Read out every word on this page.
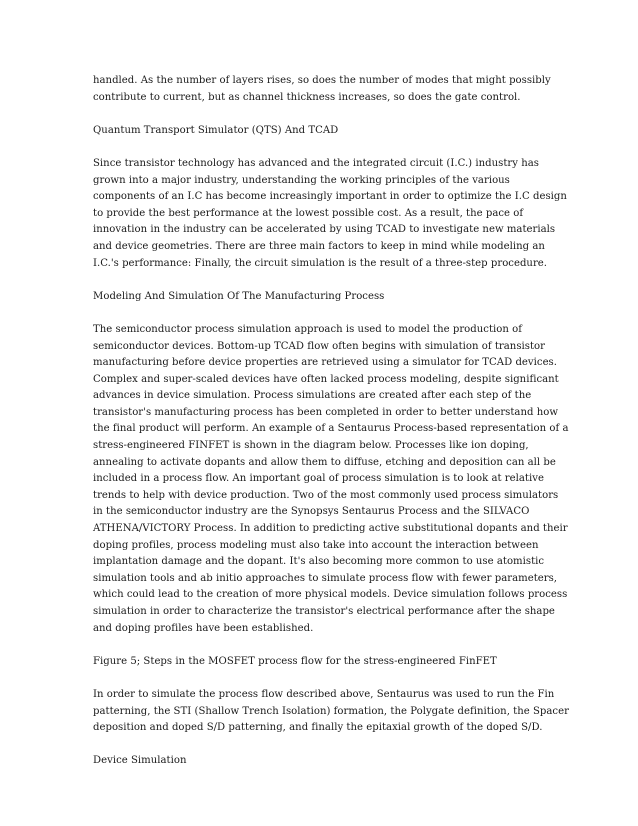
handled. As the number of layers rises, so does the number of modes that might possibly
contribute to current, but as channel thickness increases, so does the gate control.

Quantum Transport Simulator (QTS) And TCAD

Since transistor technology has advanced and the integrated circuit (I.C.) industry has
grown into a major industry, understanding the working principles of the various
components of an I.C has become increasingly important in order to optimize the I.C design
to provide the best performance at the lowest possible cost. As a result, the pace of
innovation in the industry can be accelerated by using TCAD to investigate new materials
and device geometries. There are three main factors to keep in mind while modeling an
I.C.'s performance: Finally, the circuit simulation is the result of a three-step procedure.

Modeling And Simulation Of The Manufacturing Process

The semiconductor process simulation approach is used to model the production of
semiconductor devices. Bottom-up TCAD flow often begins with simulation of transistor
manufacturing before device properties are retrieved using a simulator for TCAD devices.
Complex and super-scaled devices have often lacked process modeling, despite significant
advances in device simulation. Process simulations are created after each step of the
transistor's manufacturing process has been completed in order to better understand how
the final product will perform. An example of a Sentaurus Process-based representation of a
stress-engineered FINFET is shown in the diagram below. Processes like ion doping,
annealing to activate dopants and allow them to diffuse, etching and deposition can all be
included in a process flow. An important goal of process simulation is to look at relative
trends to help with device production. Two of the most commonly used process simulators
in the semiconductor industry are the Synopsys Sentaurus Process and the SILVACO
ATHENA/VICTORY Process. In addition to predicting active substitutional dopants and their
doping profiles, process modeling must also take into account the interaction between
implantation damage and the dopant. It's also becoming more common to use atomistic
simulation tools and ab initio approaches to simulate process flow with fewer parameters,
which could lead to the creation of more physical models. Device simulation follows process
simulation in order to characterize the transistor's electrical performance after the shape
and doping profiles have been established.

Figure 5; Steps in the MOSFET process flow for the stress-engineered FinFET

In order to simulate the process flow described above, Sentaurus was used to run the Fin
patterning, the STI (Shallow Trench Isolation) formation, the Polygate definition, the Spacer
deposition and doped S/D patterning, and finally the epitaxial growth of the doped S/D.

Device Simulation
